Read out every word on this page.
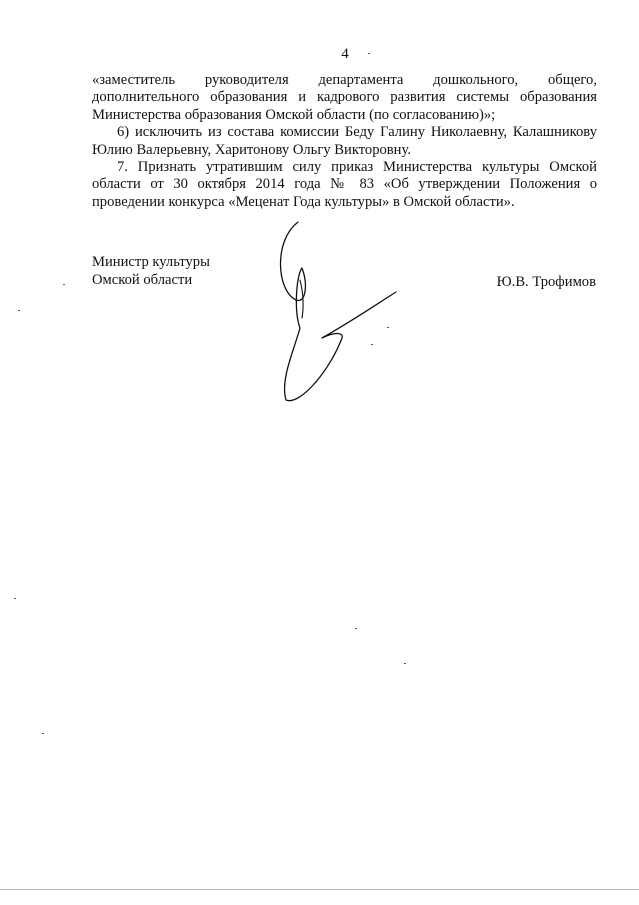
4

«заместитель руководителя департамента дошкольного, общего, дополнительного образования и кадрового развития системы образования Министерства образования Омской области (по согласованию)»;

6) исключить из состава комиссии Беду Галину Николаевну, Калашникову Юлию Валерьевну, Харитонову Ольгу Викторовну.

7. Признать утратившим силу приказ Министерства культуры Омской области от 30 октября 2014 года № 83 «Об утверждении Положения о проведении конкурса «Меценат Года культуры» в Омской области».

Министр культуры
Омской области	Ю.В. Трофимов
